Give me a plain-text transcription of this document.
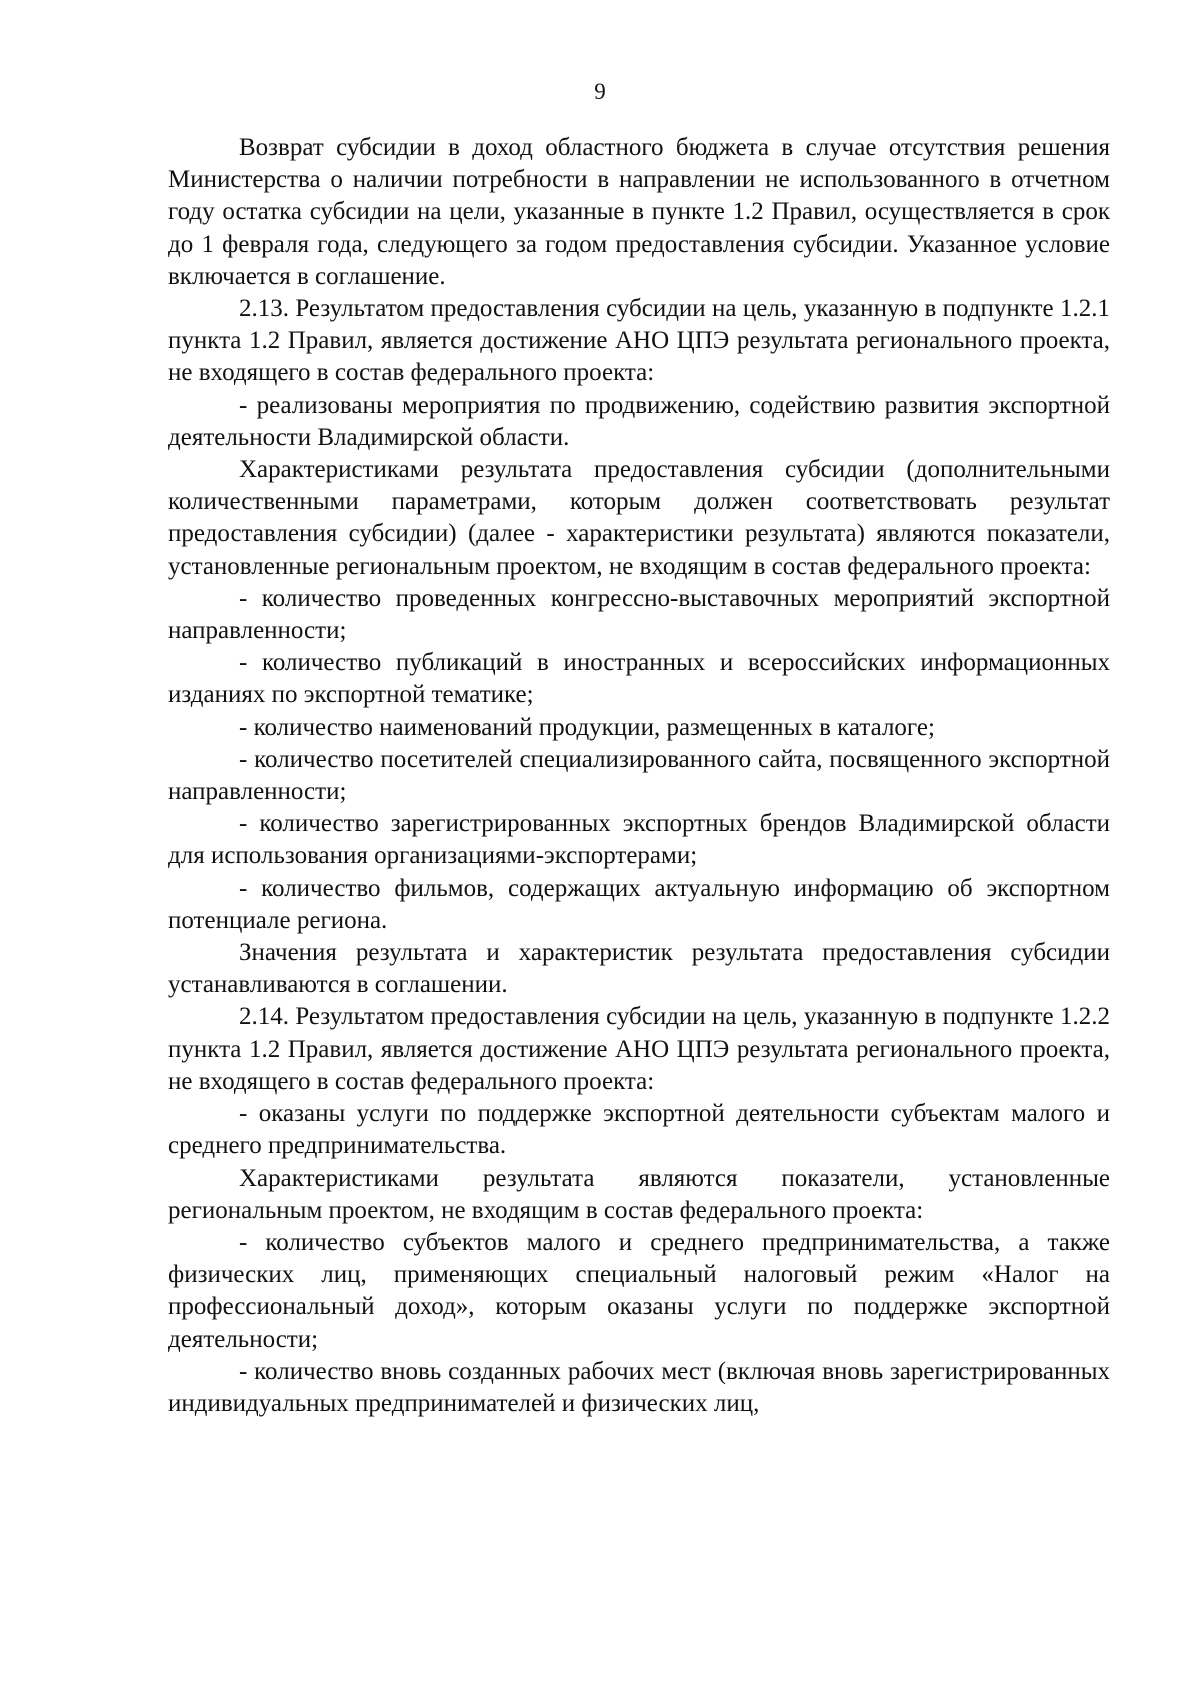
9

Возврат субсидии в доход областного бюджета в случае отсутствия решения Министерства о наличии потребности в направлении не использованного в отчетном году остатка субсидии на цели, указанные в пункте 1.2 Правил, осуществляется в срок до 1 февраля года, следующего за годом предоставления субсидии. Указанное условие включается в соглашение.

2.13. Результатом предоставления субсидии на цель, указанную в подпункте 1.2.1 пункта 1.2 Правил, является достижение АНО ЦПЭ результата регионального проекта, не входящего в состав федерального проекта:

- реализованы мероприятия по продвижению, содействию развития экспортной деятельности Владимирской области.

Характеристиками результата предоставления субсидии (дополнительными количественными параметрами, которым должен соответствовать результат предоставления субсидии) (далее - характеристики результата) являются показатели, установленные региональным проектом, не входящим в состав федерального проекта:

- количество проведенных конгрессно-выставочных мероприятий экспортной направленности;

- количество публикаций в иностранных и всероссийских информационных изданиях по экспортной тематике;

- количество наименований продукции, размещенных в каталоге;

- количество посетителей специализированного сайта, посвященного экспортной направленности;

- количество зарегистрированных экспортных брендов Владимирской области для использования организациями-экспортерами;

- количество фильмов, содержащих актуальную информацию об экспортном потенциале региона.

Значения результата и характеристик результата предоставления субсидии устанавливаются в соглашении.

2.14. Результатом предоставления субсидии на цель, указанную в подпункте 1.2.2 пункта 1.2 Правил, является достижение АНО ЦПЭ результата регионального проекта, не входящего в состав федерального проекта:

- оказаны услуги по поддержке экспортной деятельности субъектам малого и среднего предпринимательства.

Характеристиками результата являются показатели, установленные региональным проектом, не входящим в состав федерального проекта:

- количество субъектов малого и среднего предпринимательства, а также физических лиц, применяющих специальный налоговый режим «Налог на профессиональный доход», которым оказаны услуги по поддержке экспортной деятельности;

- количество вновь созданных рабочих мест (включая вновь зарегистрированных индивидуальных предпринимателей и физических лиц,
